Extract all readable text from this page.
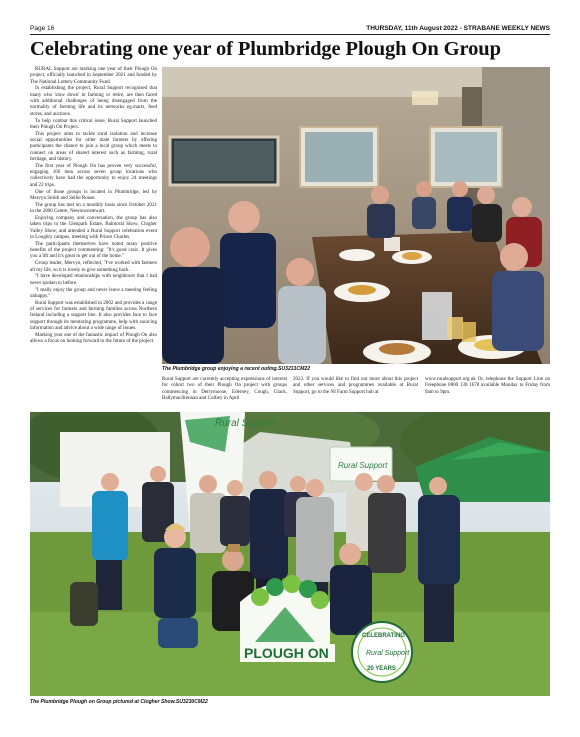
Page 16	THURSDAY, 11th August 2022 - STRABANE WEEKLY NEWS
Celebrating one year of Plumbridge Plough On Group

RURAL Support are marking one year of their Plough On project, officially launched in September 2021 and funded by The National Lottery Community Fund.

In establishing the project, Rural Support recognised that many who 'slow down' in farming or retire, are then faced with additional challenges of being disengaged from the normality of farming life and its networks eg.marts, feed stores, and auctions.

To help combat this critical issue, Rural Support launched their Plough On Project.

This project aims to tackle rural isolation and increase social opportunities for older male farmers by offering participants the chance to join a local group which meets to connect on areas of shared interest such as farming, rural heritage, and history.

The first year of Plough On has proven very successful, engaging 166 men across seven group locations who collectively have had the opportunity to enjoy 24 meetings and 22 trips.

One of those groups is located in Plumbridge, led by Mervyn Smith and Sellie Rouse.

The group has met on a monthly basis since October 2021 in the 2000 Centre, Newtownstewart.

Enjoying company and conversation, the group has also taken trips to the Glenpark Estate, Balmoral Show, Clogher Valley Show, and attended a Rural Support celebration event in Loughry campus, meeting with Prince Charles.

The participants themselves have noted many positive benefits of the project commenting: "It's good craic. It gives you a lift and it's great to get out of the home."

Group leader, Mervyn, reflected, "I've worked with farmers all my life, so it is lovely to give something back.

"I have developed relationships with neighbours that I had never spoken to before.

"I really enjoy the group and never leave a meeting feeling unhappy."

Rural Support was established in 2002 and provides a range of services for farmers and farming families across Northern Ireland including a support line. It also provides face to face support through its mentoring programme, help with sourcing information and advice about a wide range of issues.

Marking year one of the fantastic impact of Plough On also allows a focus on looking forward to the future of the project.

The Plumbridge group enjoying a recent outing.SU3231CM22
Rural Support are currently accepting expressions of interest for cohort two of their Plough On project with groups commencing in Derrymoose, Ederney, Cough, Glack, Ballymacilrennan and Corbey in April
2023. If you would like to find out more about this project and other services and programmes available at Rural Support, go to the NI Farm Support hub at
www.ruralsupport.org.uk Or, telephone the Support Line on Freephone 0800 138 1678 available Monday to Friday from 9am to 9pm.
Rural Support
Rural Support
PLOUGH ON
CELEBRATING
Rural Support
20 YEARS
The Plumbridge Plough on Group pictured at Clogher Show.SU3230CM22
